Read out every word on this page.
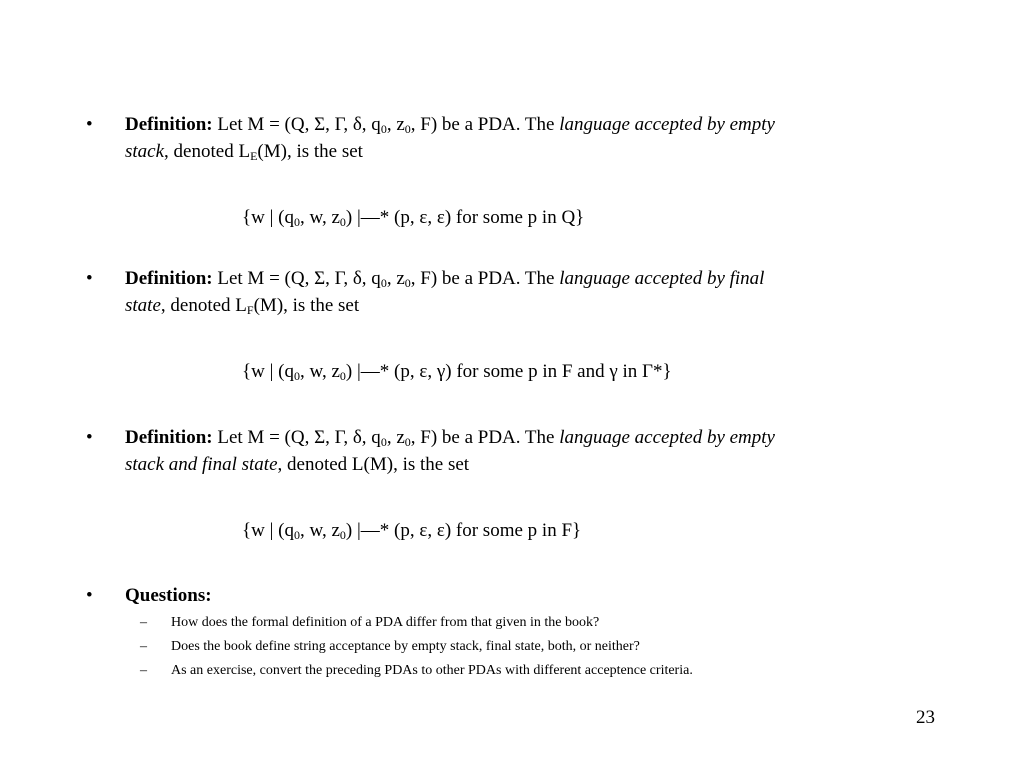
• Definition: Let M = (Q, Σ, Γ, δ, $q_0$, $z_0$, F) be a PDA. The language accepted by empty
stack, denoted $L_E(M)$, is the set
{w | ($q_0$, w, $z_0$) |—* (p, ε, ε) for some p in Q}
• Definition: Let M = (Q, Σ, Γ, δ, $q_0$, $z_0$, F) be a PDA. The language accepted by final
state, denoted $L_F(M)$, is the set
{w | ($q_0$, w, $z_0$) |—* (p, ε, γ) for some p in F and γ in Γ*}
• Definition: Let M = (Q, Σ, Γ, δ, $q_0$, $z_0$, F) be a PDA. The language accepted by empty
stack and final state, denoted L(M), is the set
{w | ($q_0$, w, $z_0$) |—* (p, ε, ε) for some p in F}
• Questions:
– How does the formal definition of a PDA differ from that given in the book?
– Does the book define string acceptance by empty stack, final state, both, or neither?
– As an exercise, convert the preceding PDAs to other PDAs with different acceptence criteria.
23
